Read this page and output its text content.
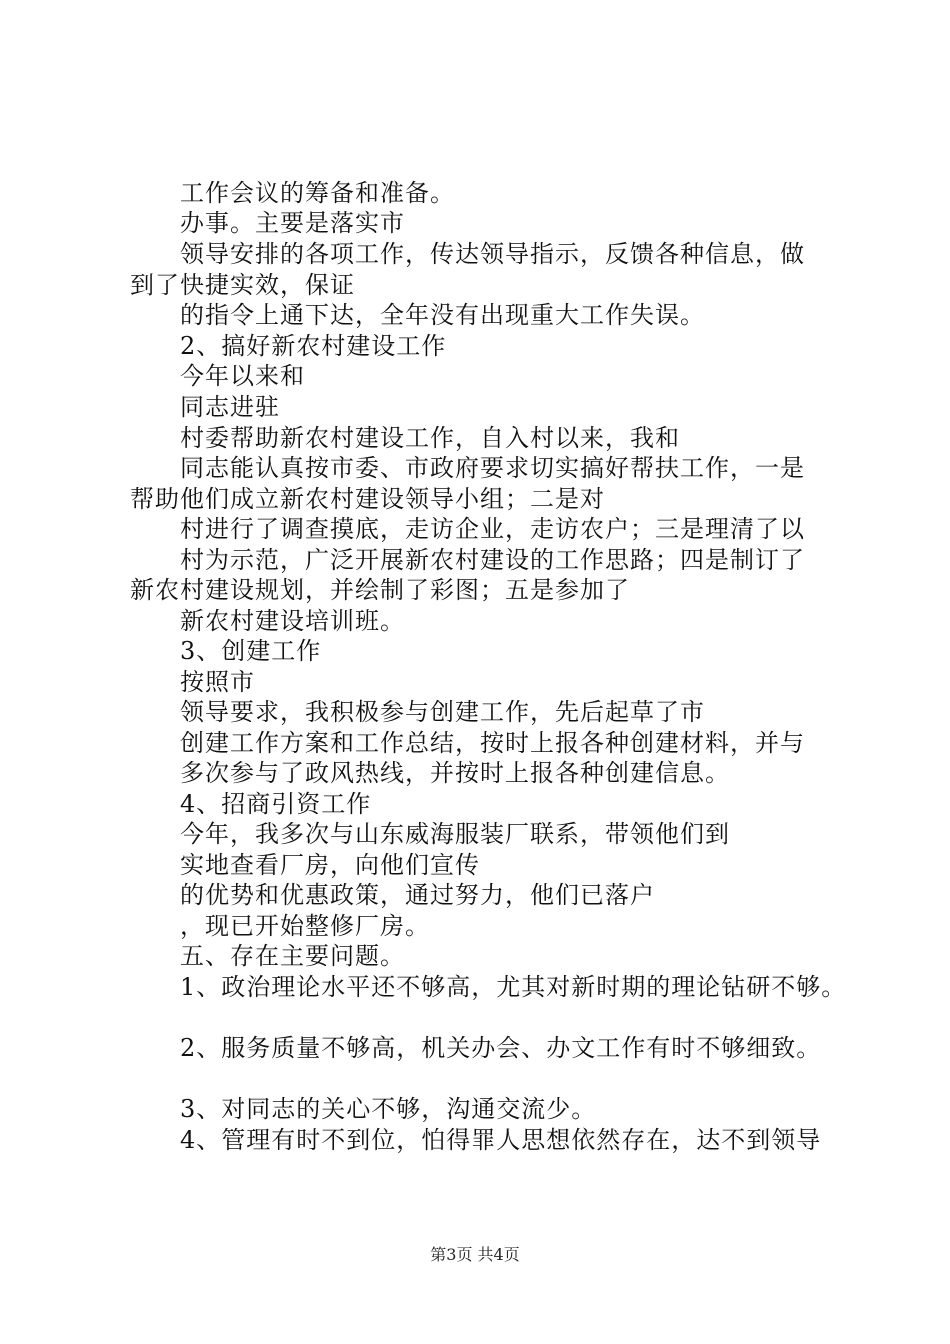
工作会议的筹备和准备。
办事。主要是落实市
领导安排的各项工作，传达领导指示，反馈各种信息，做
到了快捷实效，保证
的指令上通下达，全年没有出现重大工作失误。
2、搞好新农村建设工作
今年以来和
同志进驻
村委帮助新农村建设工作，自入村以来，我和
同志能认真按市委、市政府要求切实搞好帮扶工作，一是
帮助他们成立新农村建设领导小组；二是对
村进行了调查摸底，走访企业，走访农户；三是理清了以
村为示范，广泛开展新农村建设的工作思路；四是制订了
新农村建设规划，并绘制了彩图；五是参加了
新农村建设培训班。
3、创建工作
按照市
领导要求，我积极参与创建工作，先后起草了市
创建工作方案和工作总结，按时上报各种创建材料，并与
多次参与了政风热线，并按时上报各种创建信息。
4、招商引资工作
今年，我多次与山东威海服装厂联系，带领他们到
实地查看厂房，向他们宣传
的优势和优惠政策，通过努力，他们已落户
，现已开始整修厂房。
五、存在主要问题。
1、政治理论水平还不够高，尤其对新时期的理论钻研不够。
2、服务质量不够高，机关办会、办文工作有时不够细致。
3、对同志的关心不够，沟通交流少。
4、管理有时不到位，怕得罪人思想依然存在，达不到领导
第3页 共4页
